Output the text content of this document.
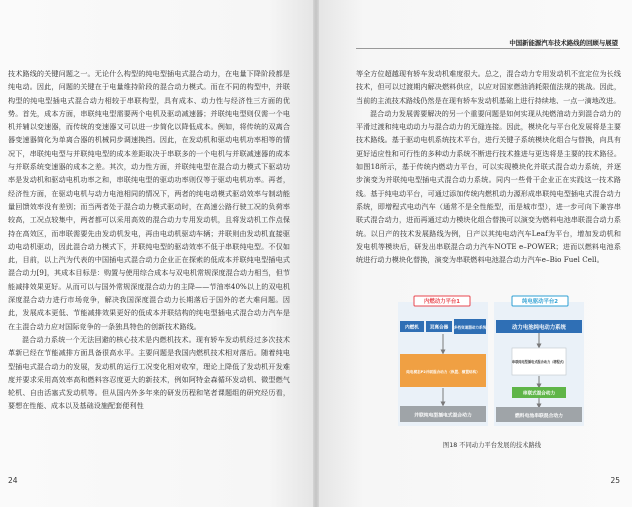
技术路线的关键问题之一。无论什么构型的纯电型插电式混合动力，在电量下降阶段都是纯电动。因此，问题的关键在于电量维持阶段的混合动力模式。而在不同的构型中，并联构型的纯电型插电式混合动力相较于串联构型，具有成本、动力性与经济性三方面的优势。首先，成本方面，串联纯电型需要两个电机及驱动减速器；并联纯电型则仅需一个电机并辅以变速器，而传统的变速器又可以进一步简化以降低成本。例如，将传统的双离合器变速器简化为单离合器的机械同步调速换挡。因此，在发动机和驱动电机功率相等的情况下，串联纯电型与并联纯电型的成本差距取决于串联多的一个电机与并联减速器的成本与并联系统变速器的成本之差。其次，动力性方面，并联纯电型在混合动力模式下驱动功率是发动机和驱动电机功率之和，串联纯电型的驱动功率则仅等于驱动电机功率。再者，经济性方面，在驱动电机与动力电池相同的情况下，两者的纯电动模式驱动效率与制动能量回馈效率没有差别；而当两者处于混合动力模式驱动时，在高速公路行驶工况的负荷率较高，工况点较集中，两者都可以采用高效的混合动力专用发动机，且将发动机工作点保持在高效区，而串联需要先由发动机发电，再由电动机驱动车辆；并联则由发动机直接驱动电动机驱动，因此混合动力模式下，并联纯电型的驱动效率不低于串联纯电型。不仅如此，目前，以上汽为代表的中国插电式混合动力企业正在探索的低成本并联纯电型插电式混合动力[9]，其成本目标是：购置与使用综合成本与双电机常规深度混合动力相当，但节能减排效果更好。从而可以与国外常规深度混合动力的主降——节油率40%以上的双电机深度混合动力进行市场竞争，解决我国深度混合动力长期落后于国外的老大难问题。因此，发展成本更低、节能减排效果更好的低成本并联结构的纯电型插电式混合动力汽车是在主混合动力应对国际竞争的一条独具特色的创新技术路线。

混合动力系统一个无法回避的核心技术是内燃机技术。现有轿车发动机经过多次技术革新已经在节能减排方面具备很高水平。主要问题是我国内燃机技术相对落后。随着纯电型插电式混合动力的发展，发动机的运行工况变化相对收窄，理论上降低了发动机开发难度并要求采用高效率高和燃料容忍度更大的新技术，例如阿特金森循环发动机、微型燃气轮机、自由活塞式发动机等。但从国内外多年来的研发历程和笔者课题组的研究经历看，要想在性能、成本以及基础设施配套便利性

24
中国新能源汽车技术路线的回顾与展望

等全方位超越现有轿车发动机难度很大。总之，混合动力专用发动机不宜定位为长线技术，但可以过渡期内解决燃料供应，以应对国家燃油消耗限值法规的挑战。因此，当前的主流技术路线仍然是在现有轿车发动机基础上进行持续地、一点一滴地改进。

混合动力发展需要解决的另一个重要问题是如何实现从纯燃油动力到混合动力的平滑过渡和纯电动动力与混合动力的无缝连接。因此，模块化与平台化发展将是主要技术路线。基于驱动电机系统技术平台，进行关键子系统模块化组合与替换，向具有更好适应性和可行性的多种动力系统不断进行技术推进与更迭将是主要的技术路径。如图18所示，基于传统内燃动力平台，可以实现模块化并联式混合动力系统，并逐步演变为并联纯电型插电式混合动力系统。同内一些骨干企业正在实践这一技术路线。基于纯电动平台，可通过添加传统内燃机动力源形成串联纯电型插电式混合动力系统，即增程式电动汽车（通常不是全性能型，而是城市型），进一步可向下兼容串联式混合动力，进而再通过动力模块化组合替换可以演变为燃料电池串联混合动力系统。以日产的技术发展路线为例，日产以其纯电动汽车Leaf为平台，增加发动机和发电机等模块后，研发出串联混合动力汽车NOTE e–POWER；进而以燃料电池系统进行动力模块化替换，演变为串联燃料电池混合动力汽车e–Bio Fuel Cell。

内燃动力平台1	纯电驱动平台2
内燃机 双离合器 多档变速器动力系统	动力电池纯电动力系统
纯电模态P2并联混合动力（纵置、横置结构）
串联纯电型插电式混合动力（增程式）
串联式混合动力
并联纯电型插电式混合动力	燃料电池串联混合动力
图18 不同动力平台发展的技术路线
25
